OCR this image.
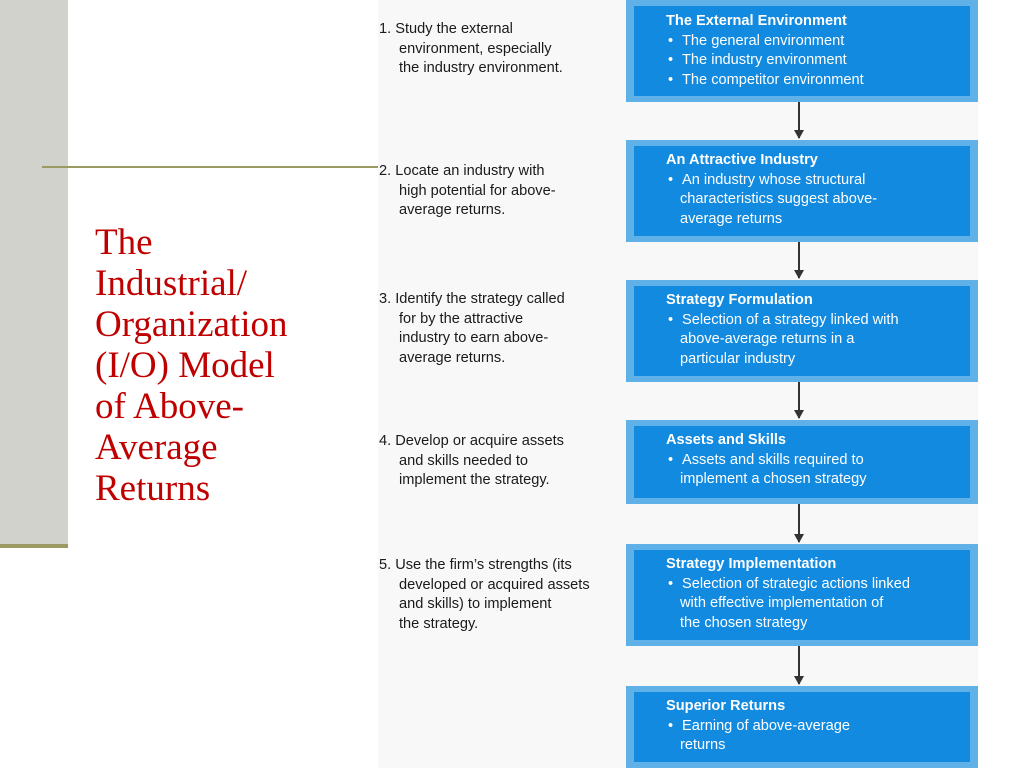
The
Industrial/
Organization
(I/O) Model
of Above-
Average
Returns
1. Study the external
environment, especially
the industry environment.
2. Locate an industry with
high potential for above-
average returns.
3. Identify the strategy called
for by the attractive
industry to earn above-
average returns.
4. Develop or acquire assets
and skills needed to
implement the strategy.
5. Use the firm’s strengths (its
developed or acquired assets
and skills) to implement
the strategy.
The External Environment
• The general environment
• The industry environment
• The competitor environment
An Attractive Industry
• An industry whose structural
characteristics suggest above-
average returns
Strategy Formulation
• Selection of a strategy linked with
above-average returns in a
particular industry
Assets and Skills
• Assets and skills required to
implement a chosen strategy
Strategy Implementation
• Selection of strategic actions linked
with effective implementation of
the chosen strategy
Superior Returns
• Earning of above-average
returns
